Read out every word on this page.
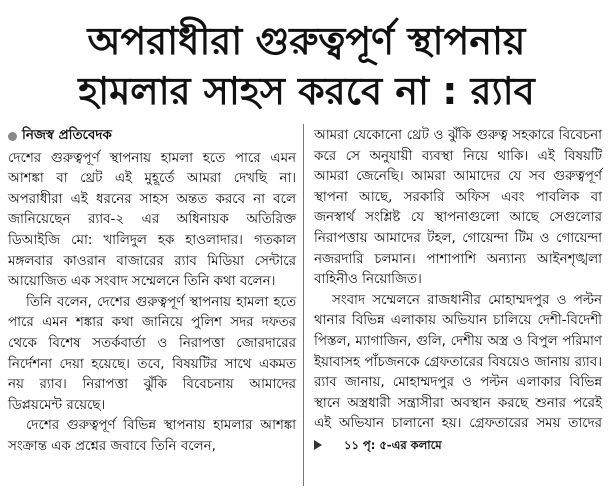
অপরাধীরা গুরুত্বপূর্ণ স্থাপনায়
হামলার সাহস করবে না : র‍্যাব
নিজস্ব প্রতিবেদক

দেশের গুরুত্বপূর্ণ স্থাপনায় হামলা হতে পারে এমন আশঙ্কা বা থ্রেট এই মুহূর্তে আমরা দেখছি না। অপরাধীরা এই ধরনের সাহস অন্তত করবে না বলে জানিয়েছেন র‍্যাব-২ এর অধিনায়ক অতিরিক্ত ডিআইজি মো: খালিদুল হক হাওলাদার। গতকাল মঙ্গলবার কাওরান বাজারের র‍্যাব মিডিয়া সেন্টারে আয়োজিত এক সংবাদ সম্মেলনে তিনি কথা বলেন।

তিনি বলেন, দেশের গুরুত্বপূর্ণ স্থাপনায় হামলা হতে পারে এমন শঙ্কার কথা জানিয়ে পুলিশ সদর দফতর থেকে বিশেষ সতর্কবার্তা ও নিরাপত্তা জোরদারের নির্দেশনা দেয়া হয়েছে। তবে, বিষয়টির সাথে একমত নয় র‍্যাব। নিরাপত্তা ঝুঁকি বিবেচনায় আমাদের ডিপ্লয়মেন্ট রয়েছে।

দেশের গুরুত্বপূর্ণ বিভিন্ন স্থাপনায় হামলার আশঙ্কা সংক্রান্ত এক প্রশ্নের জবাবে তিনি বলেন,

আমরা যেকোনো থ্রেট ও ঝুঁকি গুরুত্ব সহকারে বিবেচনা করে সে অনুযায়ী ব্যবস্থা নিয়ে থাকি। এই বিষয়টি আমরা জেনেছি। আমরা আমাদের যে সব গুরুত্বপূর্ণ স্থাপনা আছে, সরকারি অফিস এবং পাবলিক বা জনস্বার্থ সংশ্লিষ্ট যে স্থাপনাগুলো আছে সেগুলোর নিরাপত্তায় আমাদের টহল, গোয়েন্দা টিম ও গোয়েন্দা নজরদারি চলমান। পাশাপাশি অন্যান্য আইনশৃঙ্খলা বাহিনীও নিয়োজিত।

সংবাদ সম্মেলনে রাজধানীর মোহাম্মদপুর ও পল্টন থানার বিভিন্ন এলাকায় অভিযান চালিয়ে দেশী-বিদেশী পিস্তল, ম্যাগাজিন, গুলি, দেশীয় অস্ত্র ও বিপুল পরিমাণ ইয়াবাসহ পাঁচজনকে গ্রেফতারের বিষয়েও জানায় র‍্যাব। র‍্যাব জানায়, মোহাম্মদপুর ও পল্টন এলাকার বিভিন্ন স্থানে অস্ত্রধারী সন্ত্রাসীরা অবস্থান করছে শুনার পরেই এই অভিযান চালানো হয়। গ্রেফতারের সময় তাদের
১১ পৃ: ৫-এর কলামে
